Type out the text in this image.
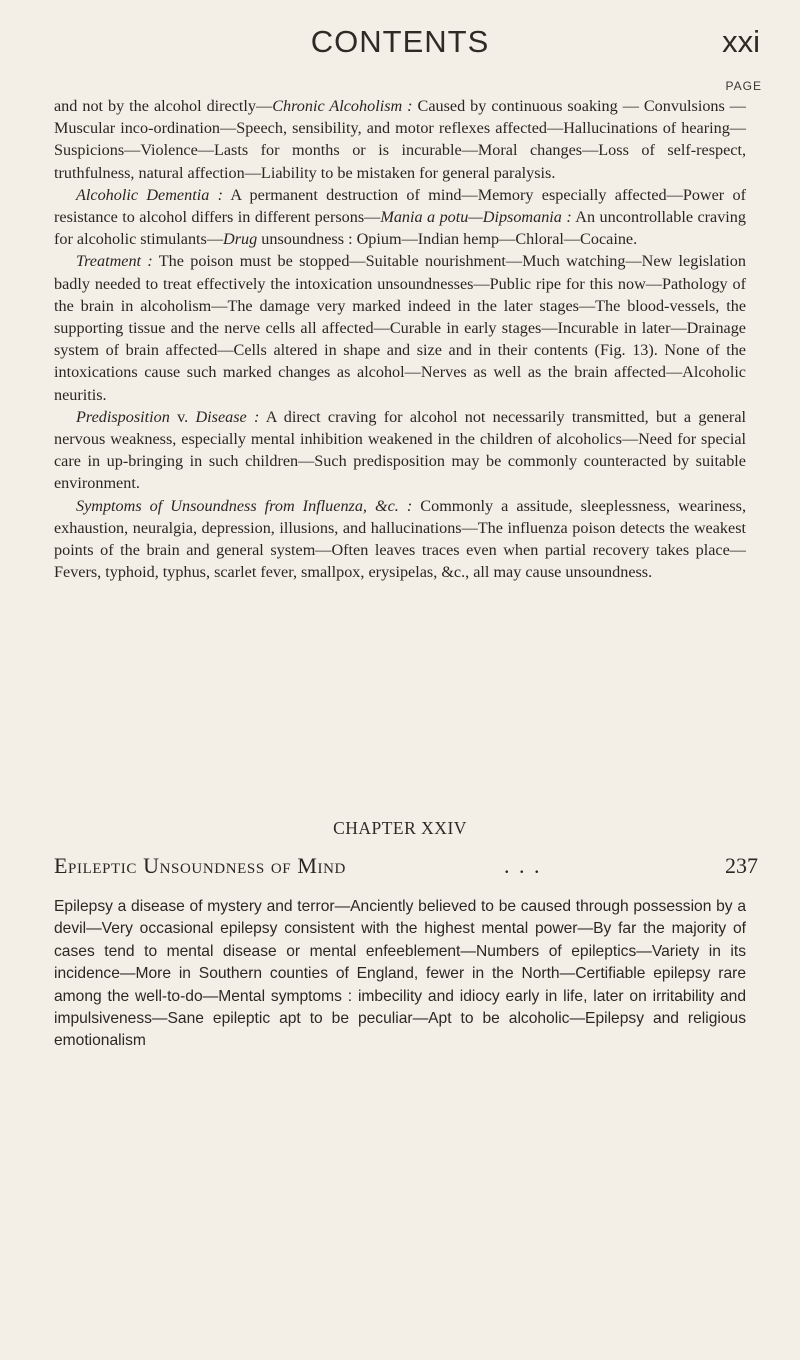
CONTENTS	xxi
PAGE

and not by the alcohol directly—Chronic Alcoholism : Caused by continuous soaking — Convulsions — Muscular inco-ordination—Speech, sensibility, and motor reflexes affected—Hallucinations of hearing—Suspicions—Violence—Lasts for months or is incurable—Moral changes—Loss of self-respect, truthfulness, natural affection—Liability to be mistaken for general paralysis.

Alcoholic Dementia : A permanent destruction of mind—Memory especially affected—Power of resistance to alcohol differs in different persons—Mania a potu—Dipsomania : An uncontrollable craving for alcoholic stimulants—Drug unsoundness : Opium—Indian hemp—Chloral—Cocaine.

Treatment : The poison must be stopped—Suitable nourishment—Much watching—New legislation badly needed to treat effectively the intoxication unsoundnesses—Public ripe for this now—Pathology of the brain in alcoholism—The damage very marked indeed in the later stages—The blood-vessels, the supporting tissue and the nerve cells all affected—Curable in early stages—Incurable in later—Drainage system of brain affected—Cells altered in shape and size and in their contents (Fig. 13). None of the intoxications cause such marked changes as alcohol—Nerves as well as the brain affected—Alcoholic neuritis.

Predisposition v. Disease : A direct craving for alcohol not necessarily transmitted, but a general nervous weakness, especially mental inhibition weakened in the children of alcoholics—Need for special care in up-bringing in such children—Such predisposition may be commonly counteracted by suitable environment.

Symptoms of Unsoundness from Influenza, &c. : Commonly a assitude, sleeplessness, weariness, exhaustion, neuralgia, depression, illusions, and hallucinations—The influenza poison detects the weakest points of the brain and general system—Often leaves traces even when partial recovery takes place—Fevers, typhoid, typhus, scarlet fever, smallpox, erysipelas, &c., all may cause unsoundness.

CHAPTER XXIV
Epileptic Unsoundness of Mind	. . .	237
Epilepsy a disease of mystery and terror—Anciently believed to be caused through possession by a devil—Very occasional epilepsy consistent with the highest mental power—By far the majority of cases tend to mental disease or mental enfeeblement—Numbers of epileptics—Variety in its incidence—More in Southern counties of England, fewer in the North—Certifiable epilepsy rare among the well-to-do—Mental symptoms : imbecility and idiocy early in life, later on irritability and impulsiveness—Sane epileptic apt to be peculiar—Apt to be alcoholic—Epilepsy and religious emotionalism
